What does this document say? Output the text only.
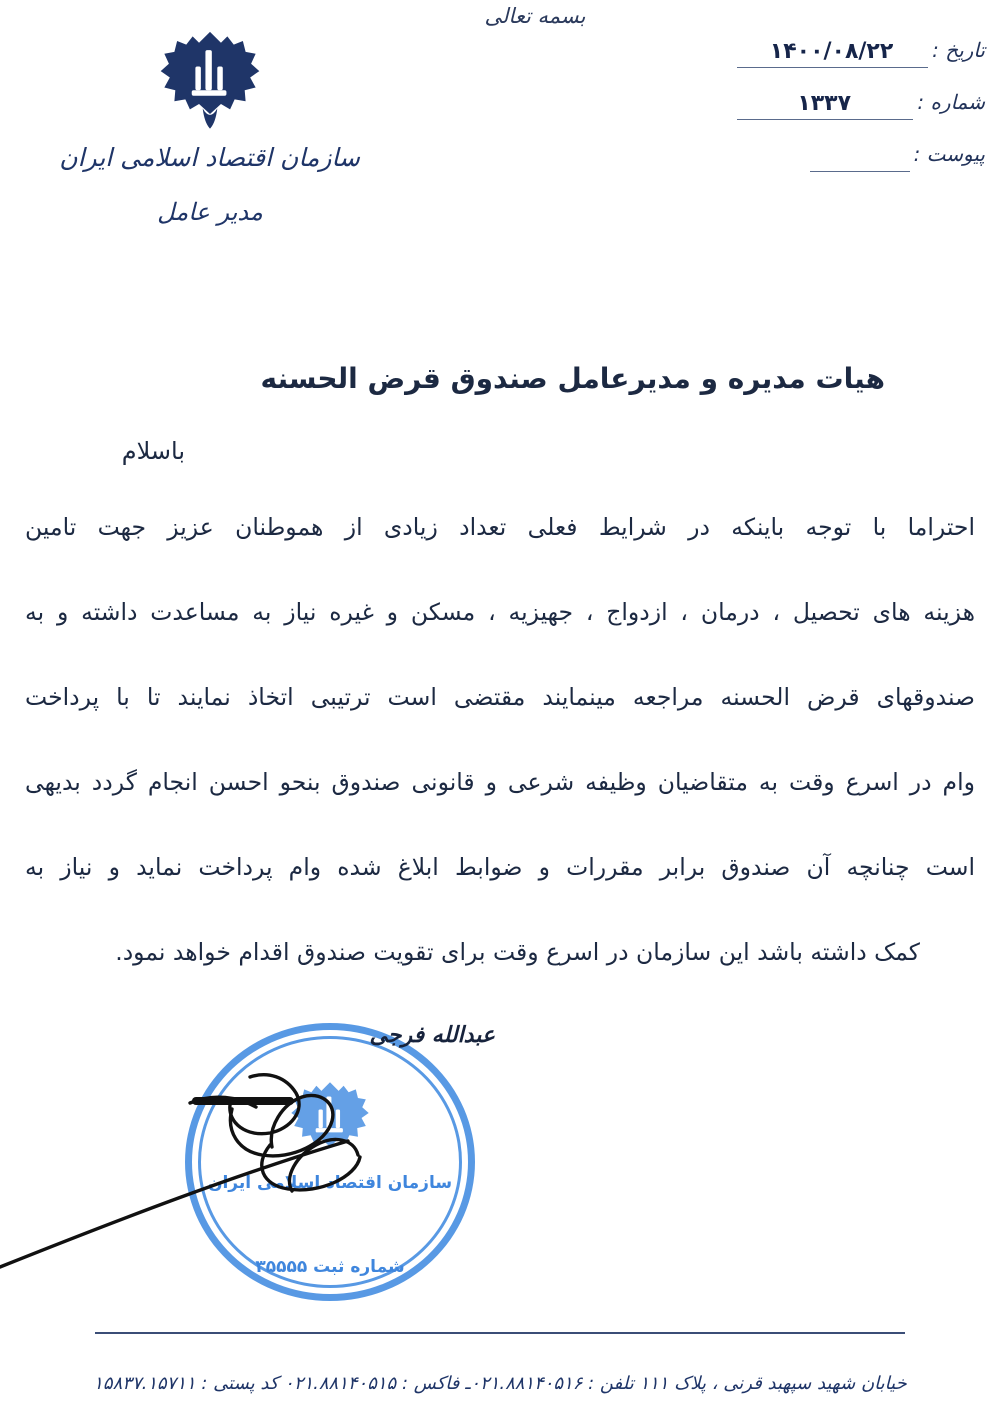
بسمه تعالی
تاریخ :
۱۴۰۰/۰۸/۲۲
شماره :
۱۳۳۷
پیوست :
سازمان اقتصاد اسلامی ایران
مدیر عامل
هیات مدیره و مدیرعامل صندوق قرض الحسنه
باسلام
احتراما با توجه باینکه در شرایط فعلی تعداد زیادی از هموطنان عزیز جهت تامین
هزینه های تحصیل ، درمان ، ازدواج ، جهیزیه ، مسکن و غیره نیاز به مساعدت داشته و به
صندوقهای قرض الحسنه مراجعه مینمایند مقتضی است ترتیبی اتخاذ نمایند تا با پرداخت
وام در اسرع وقت به متقاضیان وظیفه شرعی و قانونی صندوق بنحو احسن انجام گردد بدیهی
است چنانچه آن صندوق برابر مقررات و ضوابط ابلاغ شده وام پرداخت نماید و نیاز به
کمک داشته باشد این سازمان در اسرع وقت برای تقویت صندوق اقدام خواهد نمود.
سازمان اقتصاد اسلامی ایران
شماره ثبت ۳۵۵۵۵
عبدالله فرجی
خیابان شهید سپهبد قرنی ، پلاک ۱۱۱ تلفن : ۰۲۱.۸۸۱۴۰۵۱۶ـ فاکس : ۰۲۱.۸۸۱۴۰۵۱۵ کد پستی : ۱۵۸۳۷.۱۵۷۱۱
